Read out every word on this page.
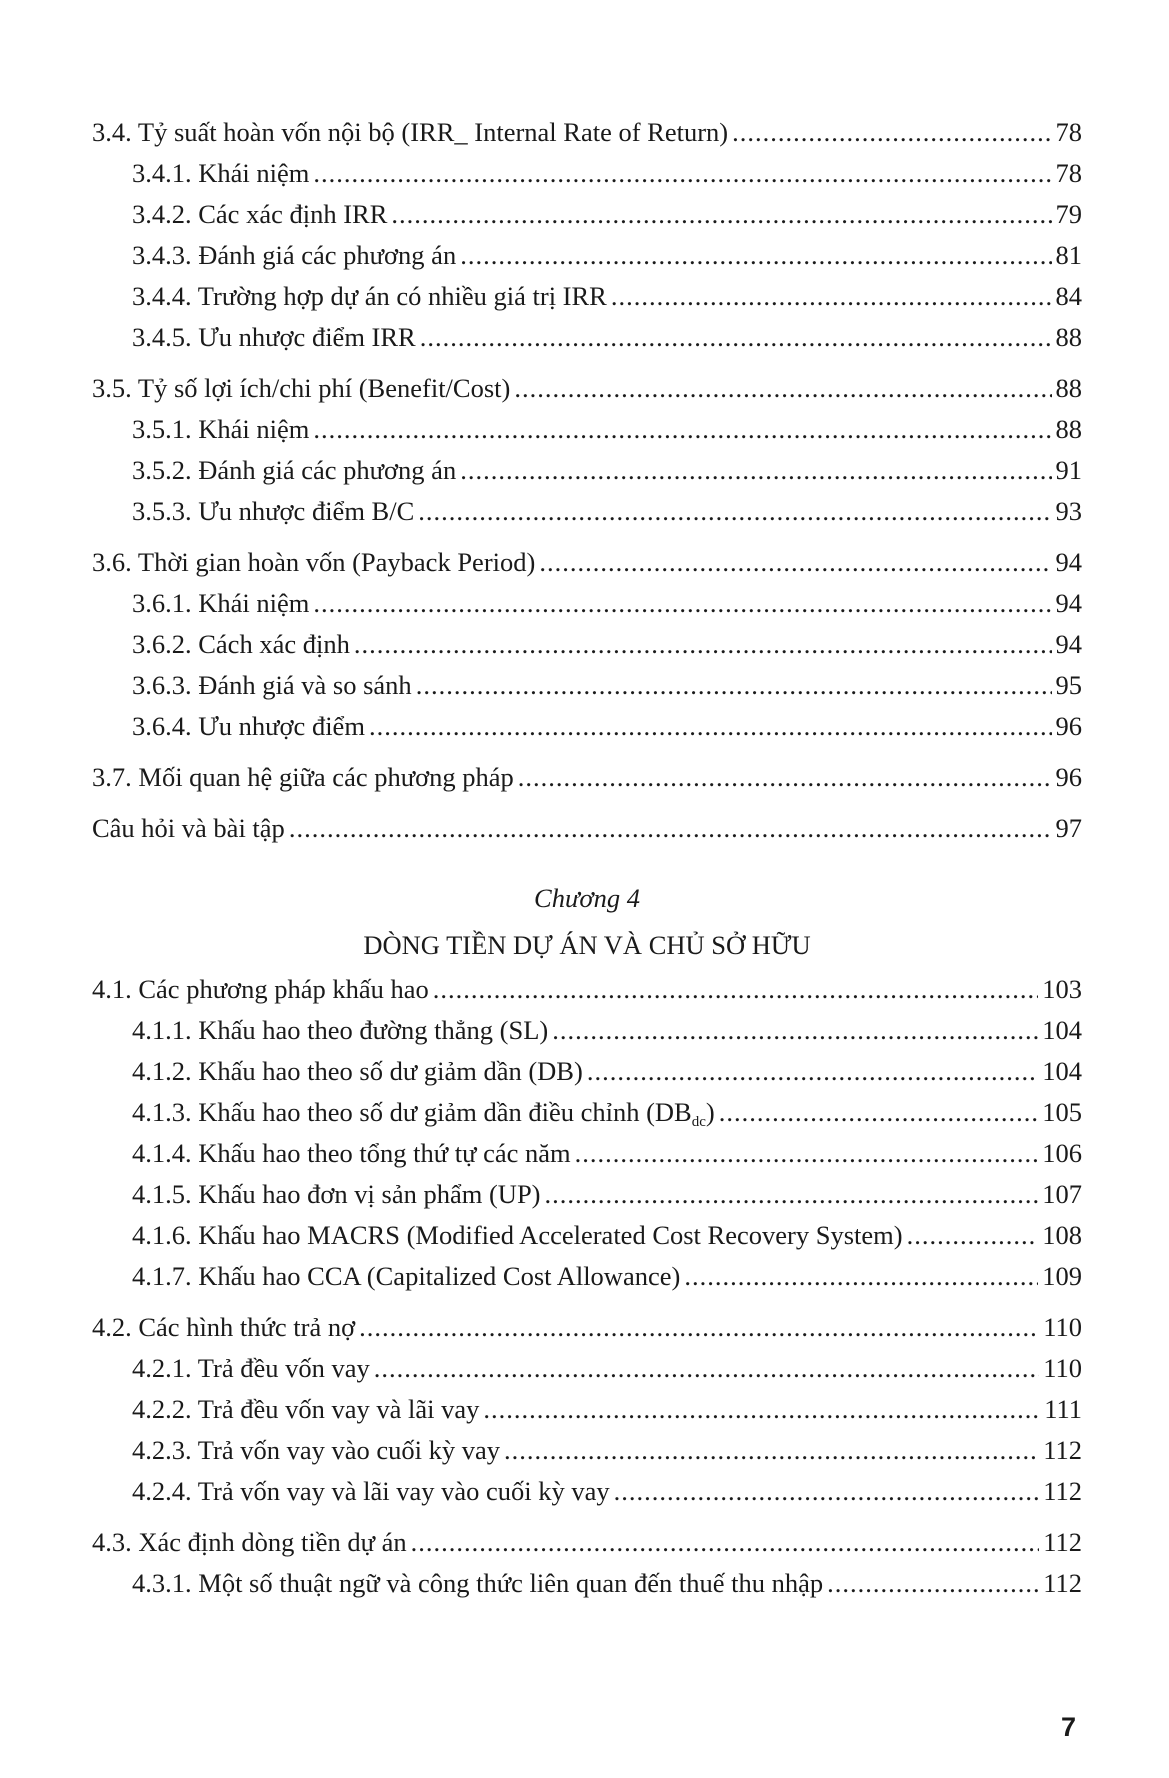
3.4. Tỷ suất hoàn vốn nội bộ (IRR_ Internal Rate of Return) .....	78
3.4.1. Khái niệm .....	78
3.4.2. Các xác định IRR .....	79
3.4.3. Đánh giá các phương án .....	81
3.4.4. Trường hợp dự án có nhiều giá trị IRR .....	84
3.4.5. Ưu nhược điểm IRR .....	88
3.5. Tỷ số lợi ích/chi phí (Benefit/Cost) .....	88
3.5.1. Khái niệm .....	88
3.5.2. Đánh giá các phương án .....	91
3.5.3. Ưu nhược điểm B/C .....	93
3.6. Thời gian hoàn vốn (Payback Period) .....	94
3.6.1. Khái niệm .....	94
3.6.2. Cách xác định .....	94
3.6.3. Đánh giá và so sánh .....	95
3.6.4. Ưu nhược điểm .....	96
3.7. Mối quan hệ giữa các phương pháp .....	96
Câu hỏi và bài tập .....	97
Chương 4
DÒNG TIỀN DỰ ÁN VÀ CHỦ SỞ HỮU
4.1. Các phương pháp khấu hao .....	103
4.1.1. Khấu hao theo đường thẳng (SL) .....	104
4.1.2. Khấu hao theo số dư giảm dần (DB) .....	104
4.1.3. Khấu hao theo số dư giảm dần điều chỉnh $(DB_{dc})$ .....	105
4.1.4. Khấu hao theo tổng thứ tự các năm .....	106
4.1.5. Khấu hao đơn vị sản phẩm (UP) .....	107
4.1.6. Khấu hao MACRS (Modified Accelerated Cost Recovery System) .....	108
4.1.7. Khấu hao CCA (Capitalized Cost Allowance) .....	109
4.2. Các hình thức trả nợ .....	110
4.2.1. Trả đều vốn vay .....	110
4.2.2. Trả đều vốn vay và lãi vay .....	111
4.2.3. Trả vốn vay vào cuối kỳ vay .....	112
4.2.4. Trả vốn vay và lãi vay vào cuối kỳ vay .....	112
4.3. Xác định dòng tiền dự án .....	112
4.3.1. Một số thuật ngữ và công thức liên quan đến thuế thu nhập .....	112
7
